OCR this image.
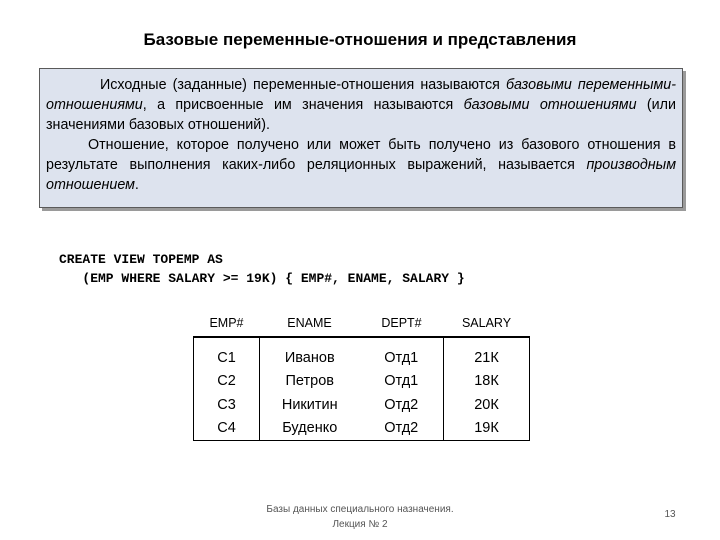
Базовые переменные-отношения и представления

Исходные (заданные) переменные-отношения называются базовыми переменными-отношениями, а присвоенные им значения называются базовыми отношениями (или значениями базовых отношений).

Отношение, которое получено или может быть получено из базового отношения в результате выполнения каких-либо реляционных выражений, называется производным отношением.

CREATE VIEW TOPEMP AS
(EMP WHERE SALARY >= 19K) { EMP#, ENAME, SALARY }
EMP#	ENAME	DEPT#	SALARY
С1	Иванов	Отд1	21К
С2	Петров	Отд1	18К
С3	Никитин	Отд2	20К
С4	Буденко	Отд2	19К
Базы данных специального назначения.
Лекция № 2
13
